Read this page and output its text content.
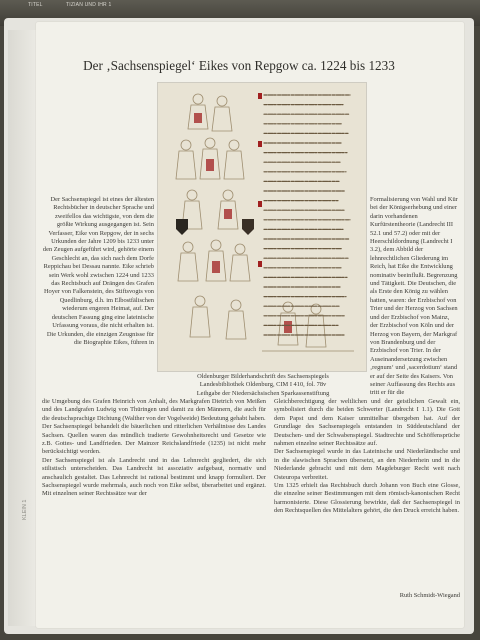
TITEL	TIZIAN UND IHR 1
Der ‚Sachsenspiegel‘ Eikes von Repgow ca. 1224 bis 1233

Der Sachsenspiegel ist eines der ältesten Rechtsbücher in deutscher Sprache und zweifellos das wichtigste, von dem die größte Wirkung ausgegangen ist. Sein Verfasser, Eike von Repgow, der in sechs Urkunden der Jahre 1209 bis 1233 unter den Zeugen aufgeführt wird, gehörte einem Geschlecht an, das sich nach dem Dorfe Reppichau bei Dessau nannte. Eike schrieb sein Werk wohl zwischen 1224 und 1233 das Rechtsbuch auf Drängen des Grafen Hoyer von Falkenstein, des Stiftsvogts von Quedlinburg, d.h. im Elbostfälischen wiederum engeren Heimat, auf. Der deutschen Fassung ging eine lateinische Urfassung voraus, die nicht erhalten ist. Die Urkunden, die einzigen Zeugnisse für die Biographie Eikes, führen in

die Umgebung des Grafen Heinrich von Anhalt, des Markgrafen Dietrich von Meißen und des Landgrafen Ludwig von Thüringen und damit zu den Männern, die auch für die deutschsprachige Dichtung (Walther von der Vogelweide) Bedeutung gehabt haben.
Der Sachsenspiegel behandelt die bäuerlichen und ritterlichen Verhältnisse des Landes Sachsen. Quellen waren das mündlich tradierte Gewohnheitsrecht und Gesetze wie z.B. Gottes- und Landfrieden. Der Mainzer Reichslandfriede (1235) ist nicht mehr berücksichtigt worden.
Der Sachsenspiegel ist als Landrecht und in das Lehnrecht gegliedert, die sich stilistisch unterscheiden. Das Landrecht ist assoziativ aufgebaut, normativ und anschaulich gestaltet. Das Lehnrecht ist rational bestimmt und knapp formuliert. Der Sachsenspiegel wurde mehrmals, auch noch von Eike selbst, überarbeitet und ergänzt. Mit einzelnen seiner Rechtssätze war der

Formalisierung von Wahl und Kür bei der Königserhebung und einer darin vorhandenen Kurfürstentheorie (Landrecht III 52.1 und 57.2) oder mit der Heerschildordnung (Landrecht I 3.2), dem Abbild der lehnrechtlichen Gliederung im Reich, hat Eike die Entwicklung nominativ beeinflußt. Begrenzung und Tätigkeit. Die Deutschen, die als Erste den König zu wählen hatten, waren: der Erzbischof von Trier und der Herzog von Sachsen und der Erzbischof von Mainz, der Erzbischof von Köln und der Herzog von Bayern, der Markgraf von Brandenburg und der Erzbischof von Trier. In der Auseinandersetzung zwischen ‚regnum‘ und ‚sacerdotium‘ stand er auf der Seite des Kaisers. Von seiner Auffassung des Rechts aus tritt er für die

Gleichberechtigung der weltlichen und der geistlichen Gewalt ein, symbolisiert durch die beiden Schwerter (Landrecht I 1.1). Die Gott dem Papst und dem Kaiser unmittelbar übergeben hat. Auf der Grundlage des Sachsenspiegels entstanden in Süddeutschland der Deutschen- und der Schwabenspiegel. Stadtrechte und Schöffensprüche nahmen einzelne seiner Rechtssätze auf.
Der Sachsenspiegel wurde in das Lateinische und Niederländische und in die slawischen Sprachen übersetzt, an den Niederrhein und in die Niederlande gebracht und mit dem Magdeburger Recht weit nach Osteuropa verbreitet.
Um 1325 erhielt das Rechtsbuch durch Johann von Buch eine Glosse, die einzelne seiner Bestimmungen mit dem römisch-kanonischen Recht harmonisierte. Diese Glossierung bewirkte, daß der Sachsenspiegel in den Rechtsquellen des Mittelalters gehört, die den Druck erreicht haben.

Ruth Schmidt-Wiegand
Oldenburger Bilderhandschrift des Sachsenspiegels
Landesbibliothek Oldenburg, CIM I 410, fol. 78v
Leihgabe der Niedersächsischen Sparkassenstiftung
KLEIN 1
